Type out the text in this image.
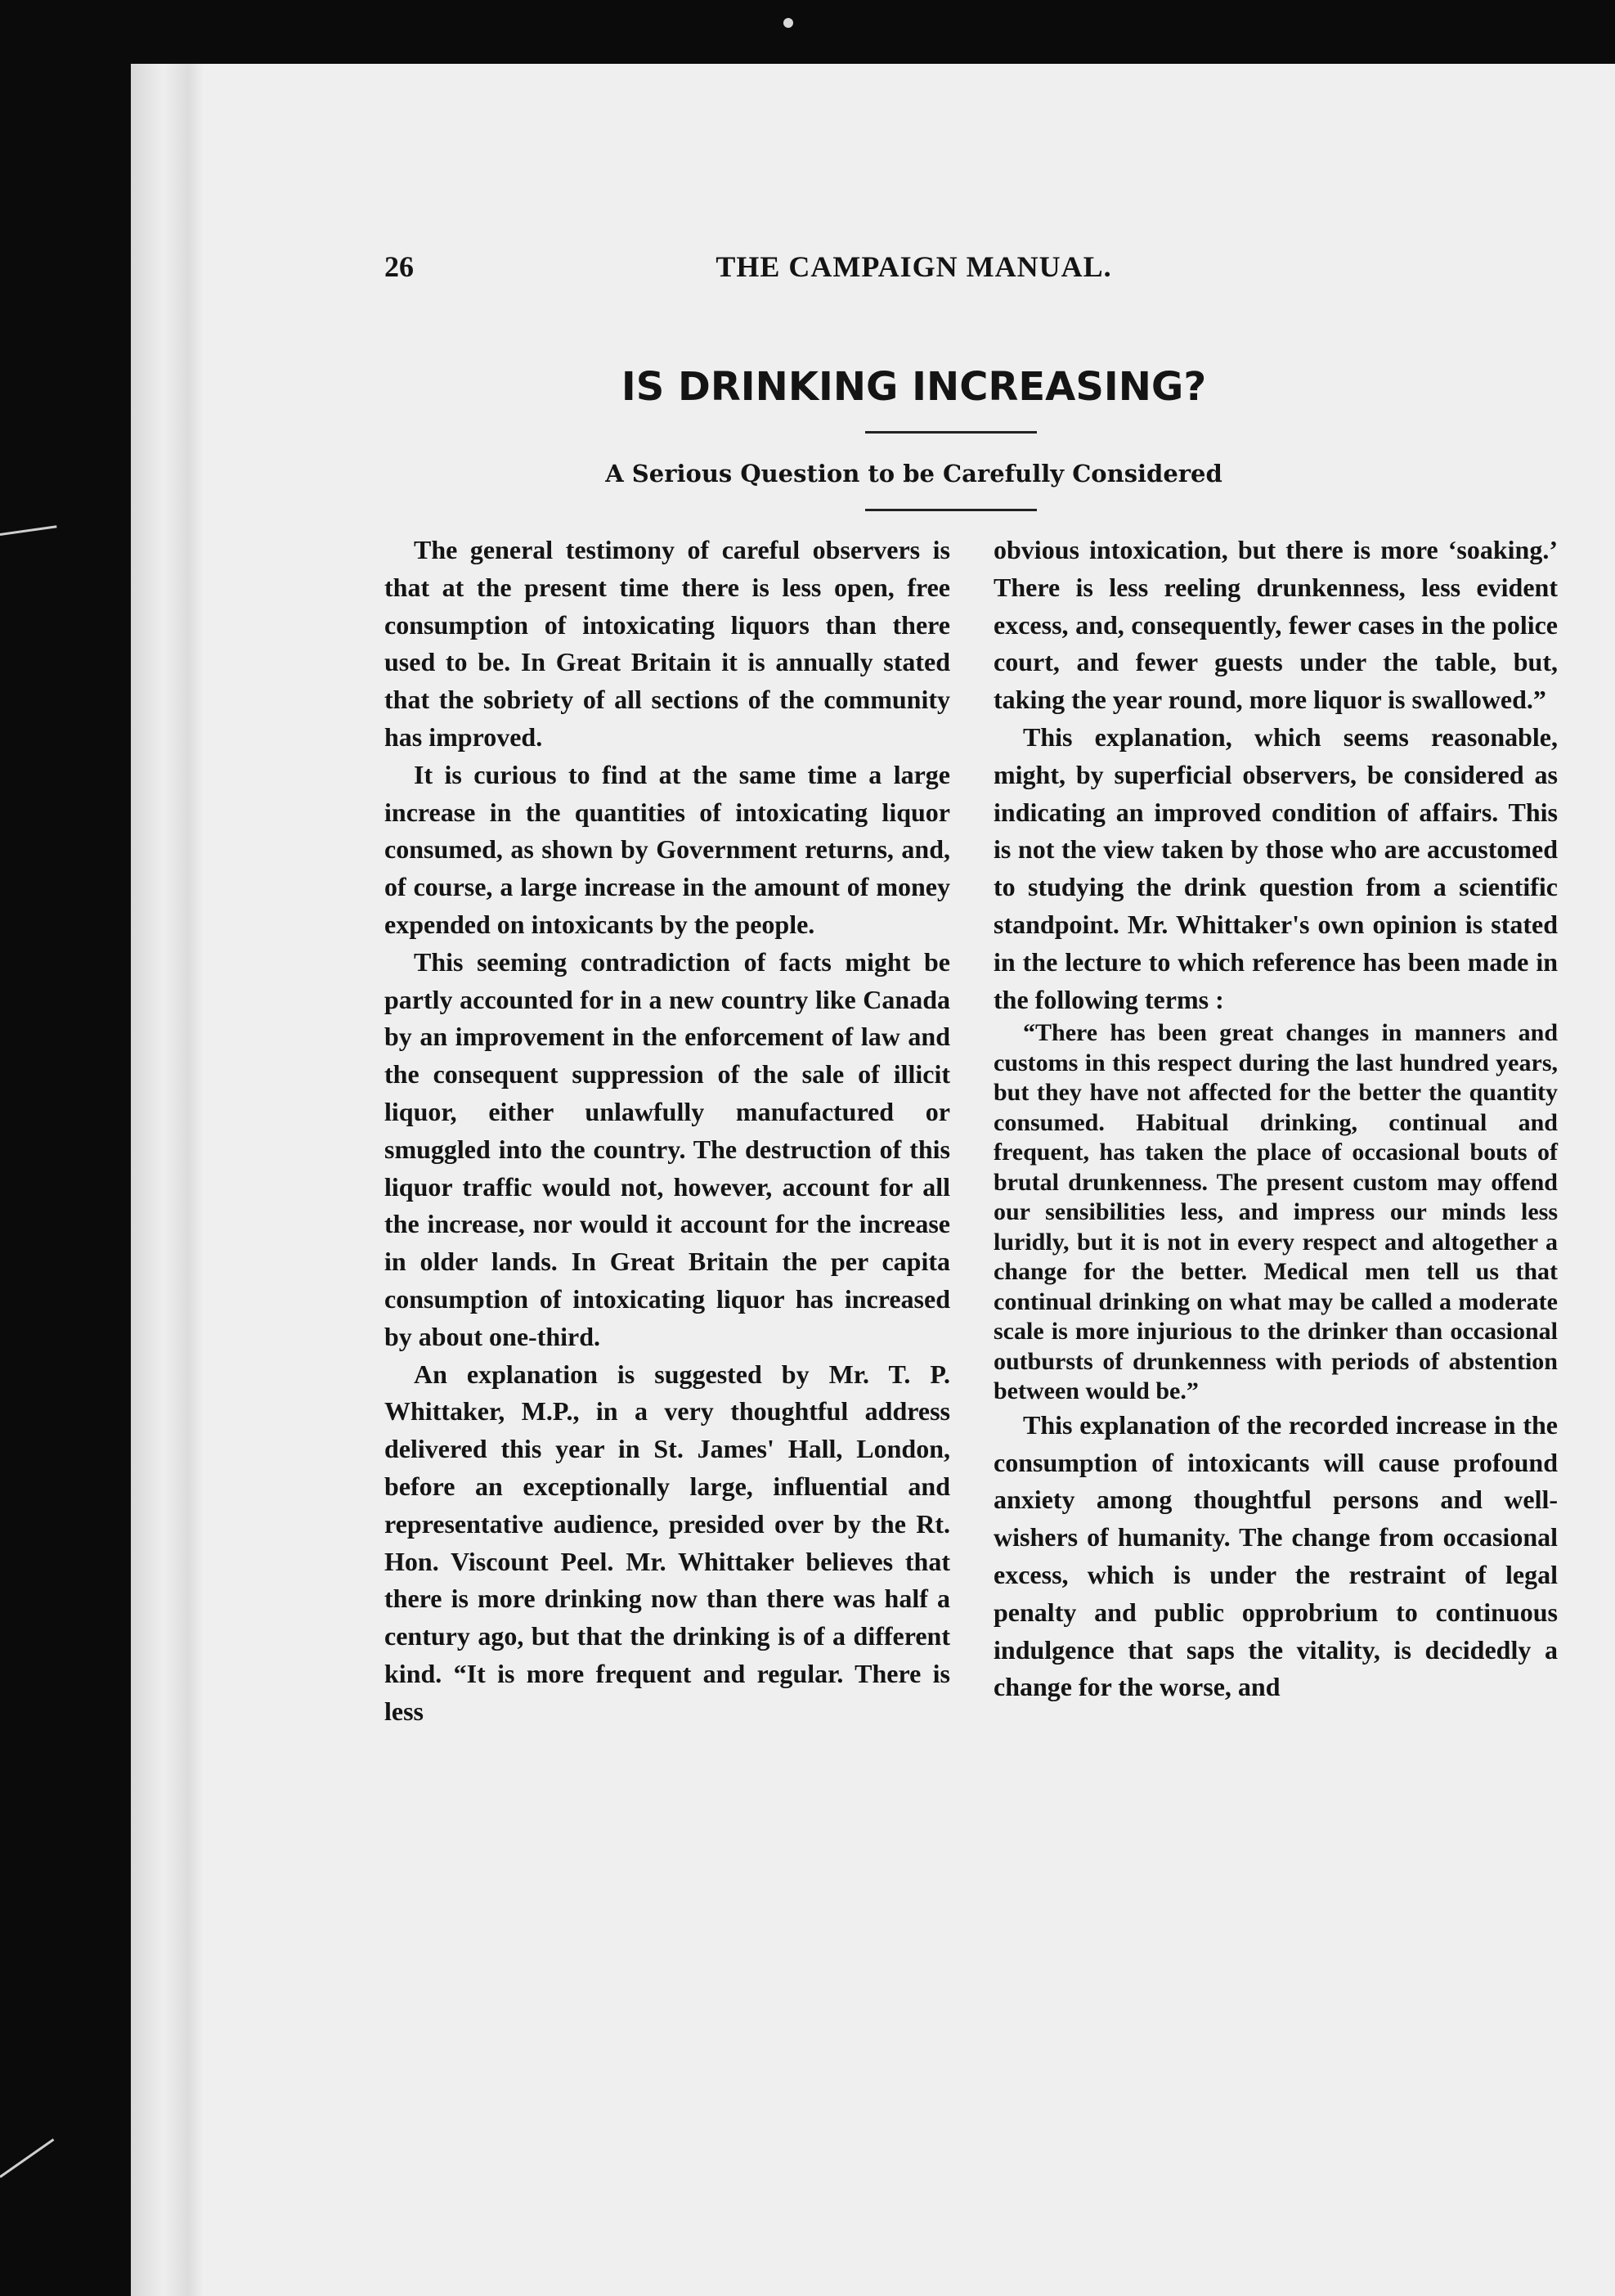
26	THE CAMPAIGN MANUAL.
IS DRINKING INCREASING?
A Serious Question to be Carefully Considered

The general testimony of careful observers is that at the present time there is less open, free consumption of intoxicating liquors than there used to be. In Great Britain it is annually stated that the sobriety of all sections of the community has improved.

It is curious to find at the same time a large increase in the quantities of intoxicating liquor consumed, as shown by Government returns, and, of course, a large increase in the amount of money expended on intoxicants by the people.

This seeming contradiction of facts might be partly accounted for in a new country like Canada by an improvement in the enforcement of law and the consequent suppression of the sale of illicit liquor, either unlawfully manufactured or smuggled into the country. The destruction of this liquor traffic would not, however, account for all the increase, nor would it account for the increase in older lands. In Great Britain the per capita consumption of intoxicating liquor has increased by about one-third.

An explanation is suggested by Mr. T. P. Whittaker, M.P., in a very thoughtful address delivered this year in St. James' Hall, London, before an exceptionally large, influential and representative audience, presided over by the Rt. Hon. Viscount Peel. Mr. Whittaker believes that there is more drinking now than there was half a century ago, but that the drinking is of a different kind. “It is more frequent and regular. There is less

obvious intoxication, but there is more ‘soaking.’ There is less reeling drunkenness, less evident excess, and, consequently, fewer cases in the police court, and fewer guests under the table, but, taking the year round, more liquor is swallowed.”

This explanation, which seems reasonable, might, by superficial observers, be considered as indicating an improved condition of affairs. This is not the view taken by those who are accustomed to studying the drink question from a scientific standpoint. Mr. Whittaker's own opinion is stated in the lecture to which reference has been made in the following terms :

“There has been great changes in manners and customs in this respect during the last hundred years, but they have not affected for the better the quantity consumed. Habitual drinking, continual and frequent, has taken the place of occasional bouts of brutal drunkenness. The present custom may offend our sensibilities less, and impress our minds less luridly, but it is not in every respect and altogether a change for the better. Medical men tell us that continual drinking on what may be called a moderate scale is more injurious to the drinker than occasional outbursts of drunkenness with periods of abstention between would be.”

This explanation of the recorded increase in the consumption of intoxicants will cause profound anxiety among thoughtful persons and well-wishers of humanity. The change from occasional excess, which is under the restraint of legal penalty and public opprobrium to continuous indulgence that saps the vitality, is decidedly a change for the worse, and
